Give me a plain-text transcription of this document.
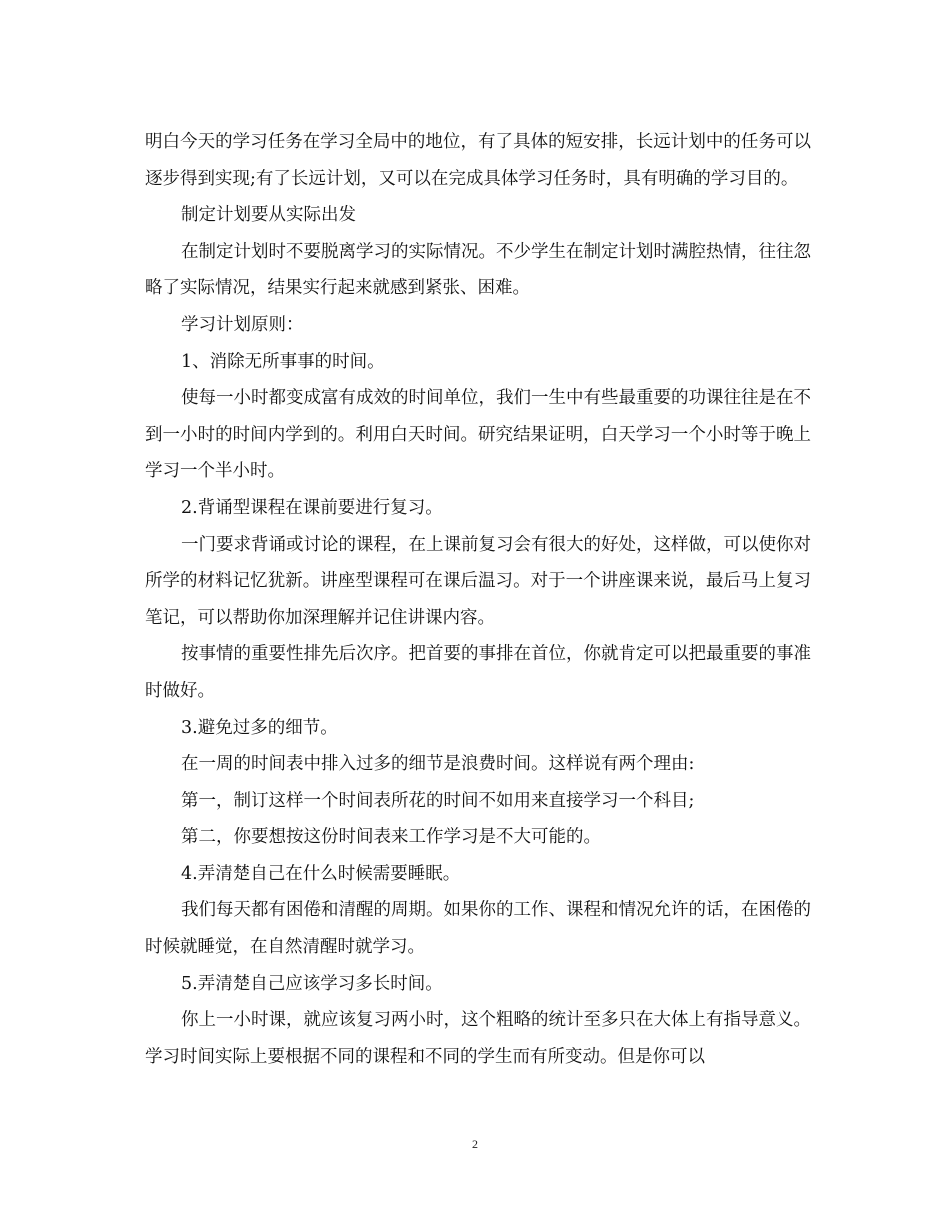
明白今天的学习任务在学习全局中的地位，有了具体的短安排，长远计划中的任务可以逐步得到实现;有了长远计划，又可以在完成具体学习任务时，具有明确的学习目的。

制定计划要从实际出发

在制定计划时不要脱离学习的实际情况。不少学生在制定计划时满腔热情，往往忽略了实际情况，结果实行起来就感到紧张、困难。

学习计划原则：

1、消除无所事事的时间。

使每一小时都变成富有成效的时间单位，我们一生中有些最重要的功课往往是在不到一小时的时间内学到的。利用白天时间。研究结果证明，白天学习一个小时等于晚上学习一个半小时。

2.背诵型课程在课前要进行复习。

一门要求背诵或讨论的课程，在上课前复习会有很大的好处，这样做，可以使你对所学的材料记忆犹新。讲座型课程可在课后温习。对于一个讲座课来说，最后马上复习笔记，可以帮助你加深理解并记住讲课内容。

按事情的重要性排先后次序。把首要的事排在首位，你就肯定可以把最重要的事准时做好。

3.避免过多的细节。

在一周的时间表中排入过多的细节是浪费时间。这样说有两个理由:

第一，制订这样一个时间表所花的时间不如用来直接学习一个科目;

第二，你要想按这份时间表来工作学习是不大可能的。

4.弄清楚自己在什么时候需要睡眠。

我们每天都有困倦和清醒的周期。如果你的工作、课程和情况允许的话，在困倦的时候就睡觉，在自然清醒时就学习。

5.弄清楚自己应该学习多长时间。

你上一小时课，就应该复习两小时，这个粗略的统计至多只在大体上有指导意义。学习时间实际上要根据不同的课程和不同的学生而有所变动。但是你可以

2
